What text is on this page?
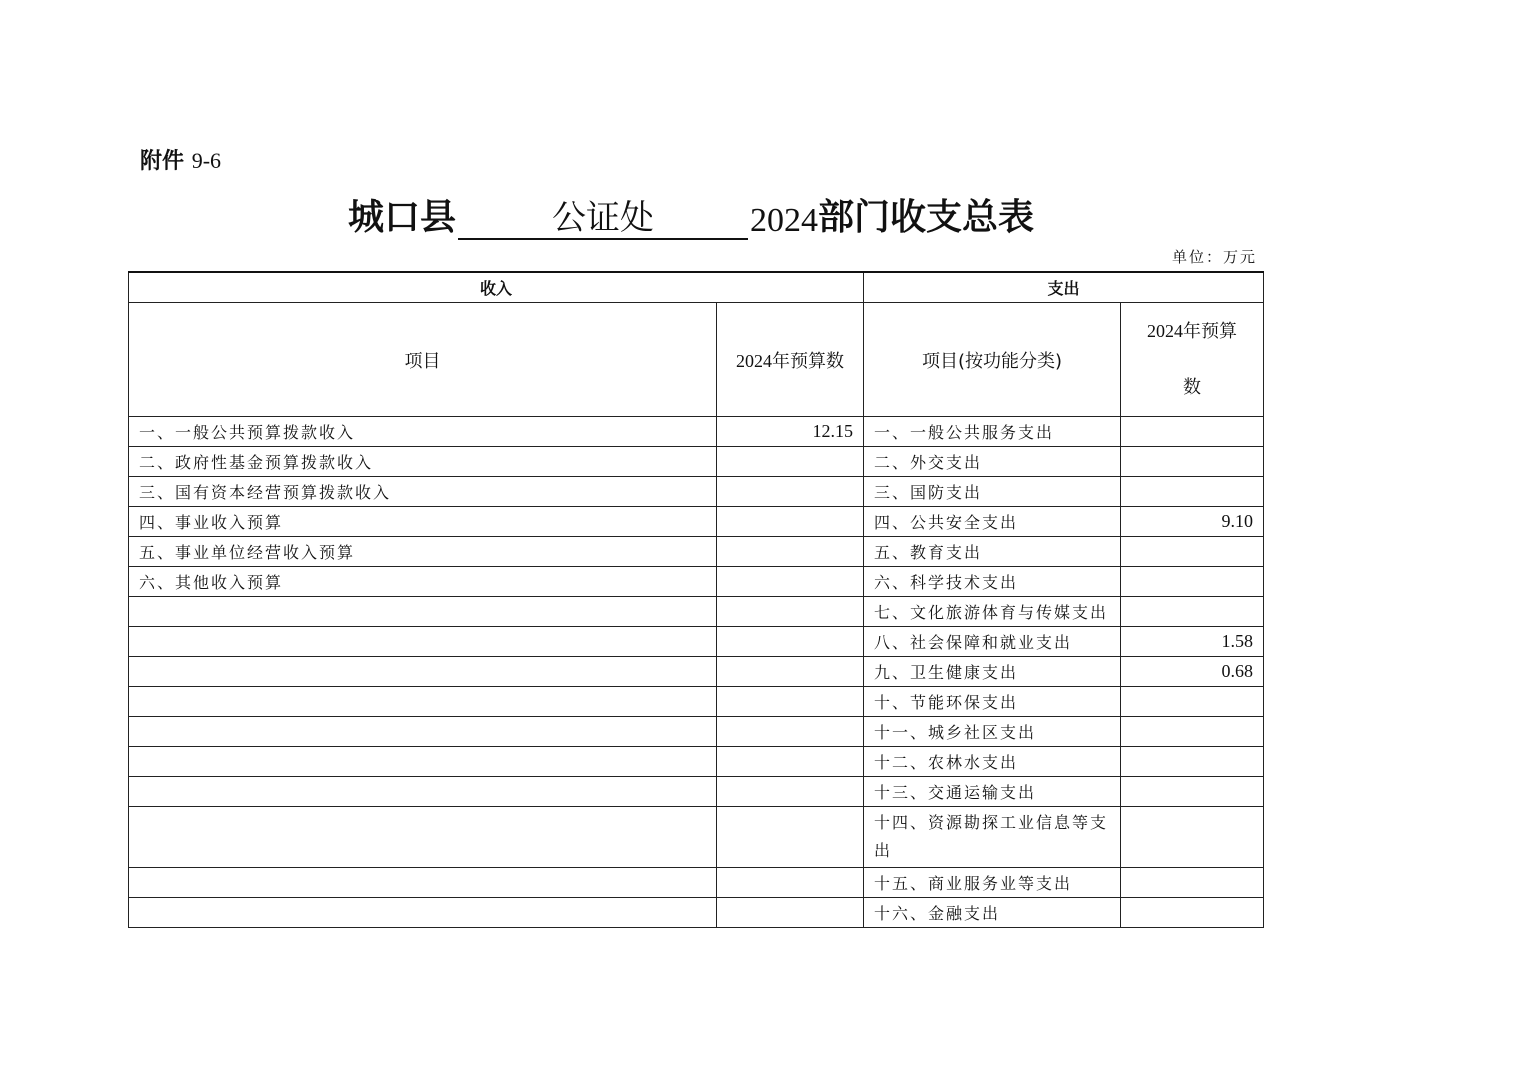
附件 9-6
城口县	公证处	2024 部门收支总表
单位：万元
收入		支出	
项目	2024年预算数	项目(按功能分类)	2024年预算
数
一、一般公共预算拨款收入	12.15	一、一般公共服务支出	
二、政府性基金预算拨款收入		二、外交支出	
三、国有资本经营预算拨款收入		三、国防支出	
四、事业收入预算		四、公共安全支出	9.10
五、事业单位经营收入预算		五、教育支出	
六、其他收入预算		六、科学技术支出	
		七、文化旅游体育与传媒支出	
		八、社会保障和就业支出	1.58
		九、卫生健康支出	0.68
		十、节能环保支出	
		十一、城乡社区支出	
		十二、农林水支出	
		十三、交通运输支出	
		十四、资源勘探工业信息等支出	
		十五、商业服务业等支出	
		十六、金融支出	
